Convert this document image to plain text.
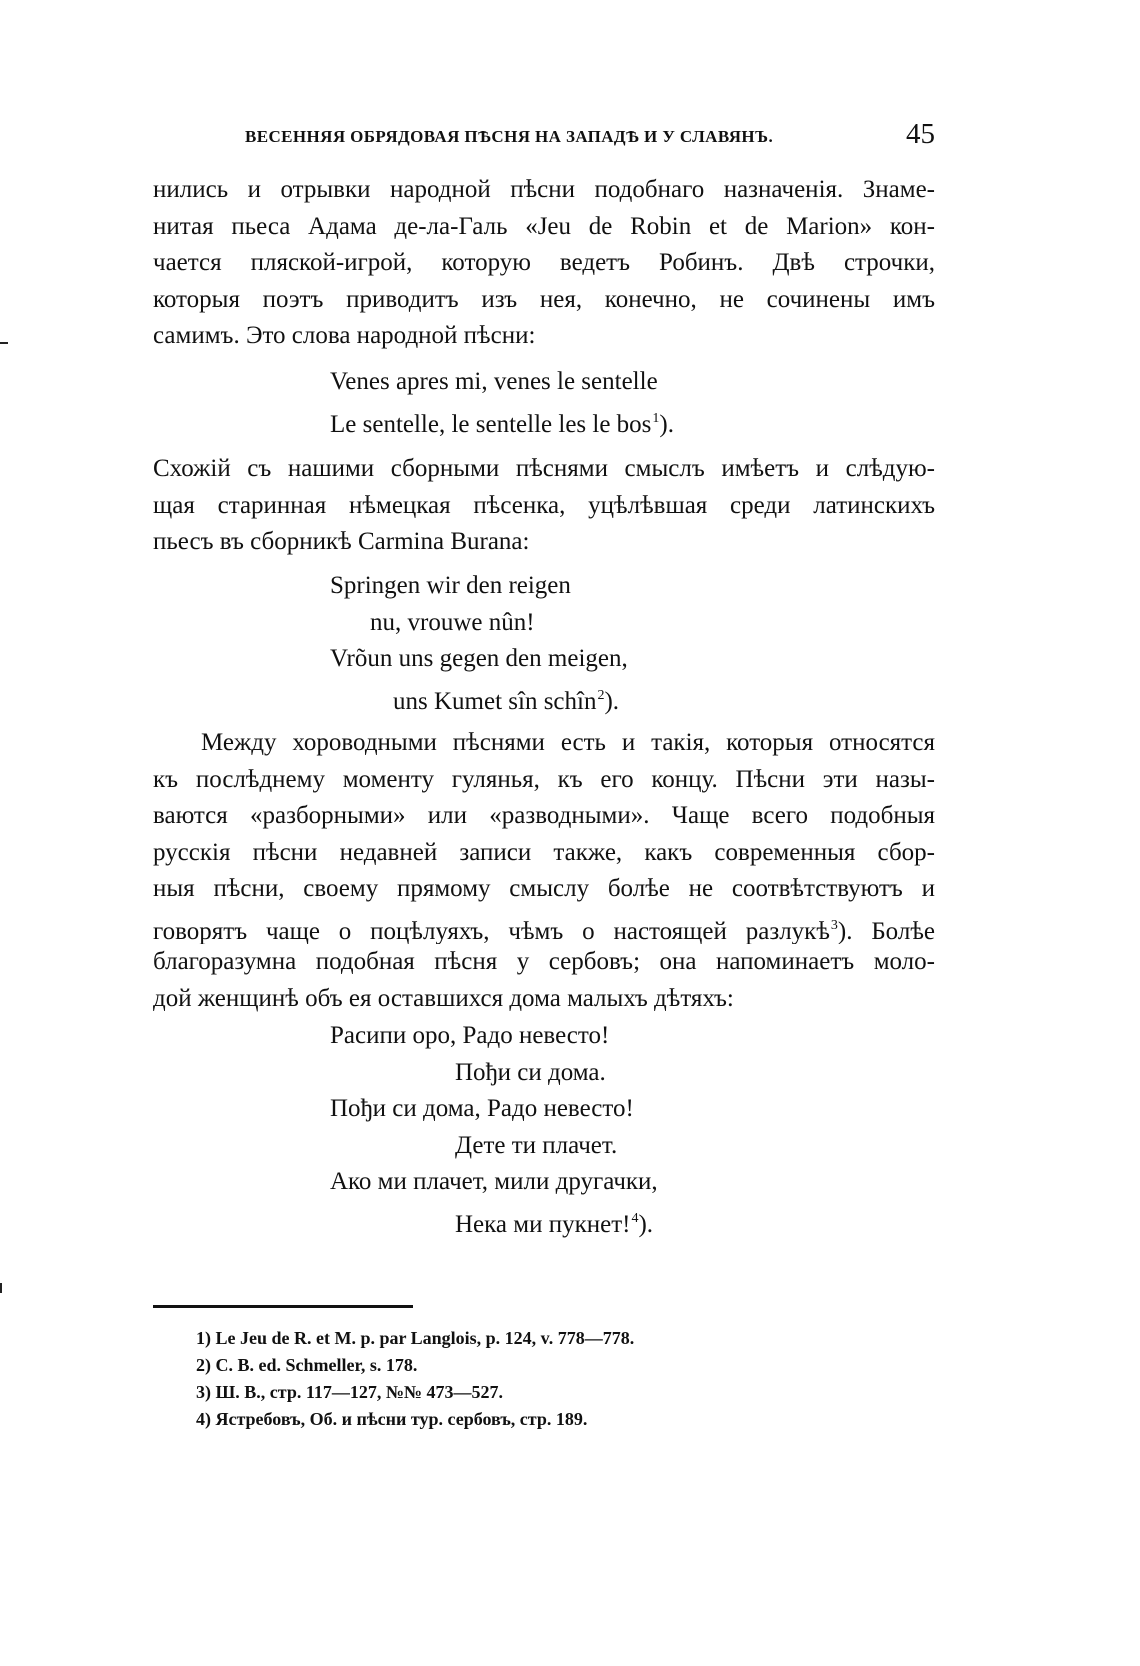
ВЕСЕННЯЯ ОБРЯДОВАЯ ПѢСНЯ НА ЗАПАДѢ И У СЛАВЯНЪ.	45
нились и отрывки народной пѣсни подобнаго назначенія. Знаме-
нитая пьеса Адама де-ла-Галь «Jeu de Robin et de Marion» кон-
чается пляской-игрой, которую ведетъ Робинъ. Двѣ строчки,
которыя поэтъ приводитъ изъ нея, конечно, не сочинены имъ
самимъ. Это слова народной пѣсни:
Venes apres mi, venes le sentelle
Le sentelle, le sentelle les le bos$^1$).
Схожій съ нашими сборными пѣснями смыслъ имѣетъ и слѣдую-
щая старинная нѣмецкая пѣсенка, уцѣлѣвшая среди латинскихъ
пьесъ въ сборникѣ Carmina Burana:
Springen wir den reigen
nu, vrouwe nûn!
Vrõun uns gegen den meigen,
uns Kumet sîn schîn$^2$).
Между хороводными пѣснями есть и такія, которыя относятся
къ послѣднему моменту гулянья, къ его концу. Пѣсни эти назы-
ваются «разборными» или «разводными». Чаще всего подобныя
русскія пѣсни недавней записи также, какъ современныя сбор-
ныя пѣсни, своему прямому смыслу болѣе не соотвѣтствуютъ и
говорятъ чаще о поцѣлуяхъ, чѣмъ о настоящей разлукѣ$^3$). Болѣе
благоразумна подобная пѣсня у сербовъ; она напоминаетъ моло-
дой женщинѣ объ ея оставшихся дома малыхъ дѣтяхъ:
Расипи оро, Радо невесто!
Пођи си дома.
Пођи си дома, Радо невесто!
Дете ти плачет.
Ако ми плачет, мили другачки,
Нека ми пукнет!$^4$).
1) Le Jeu de R. et M. p. par Langlois, p. 124, v. 778—778.
2) C. B. ed. Schmeller, s. 178.
3) Ш. В., стр. 117—127, №№ 473—527.
4) Ястребовъ, Об. и пѣсни тур. сербовъ, стр. 189.
